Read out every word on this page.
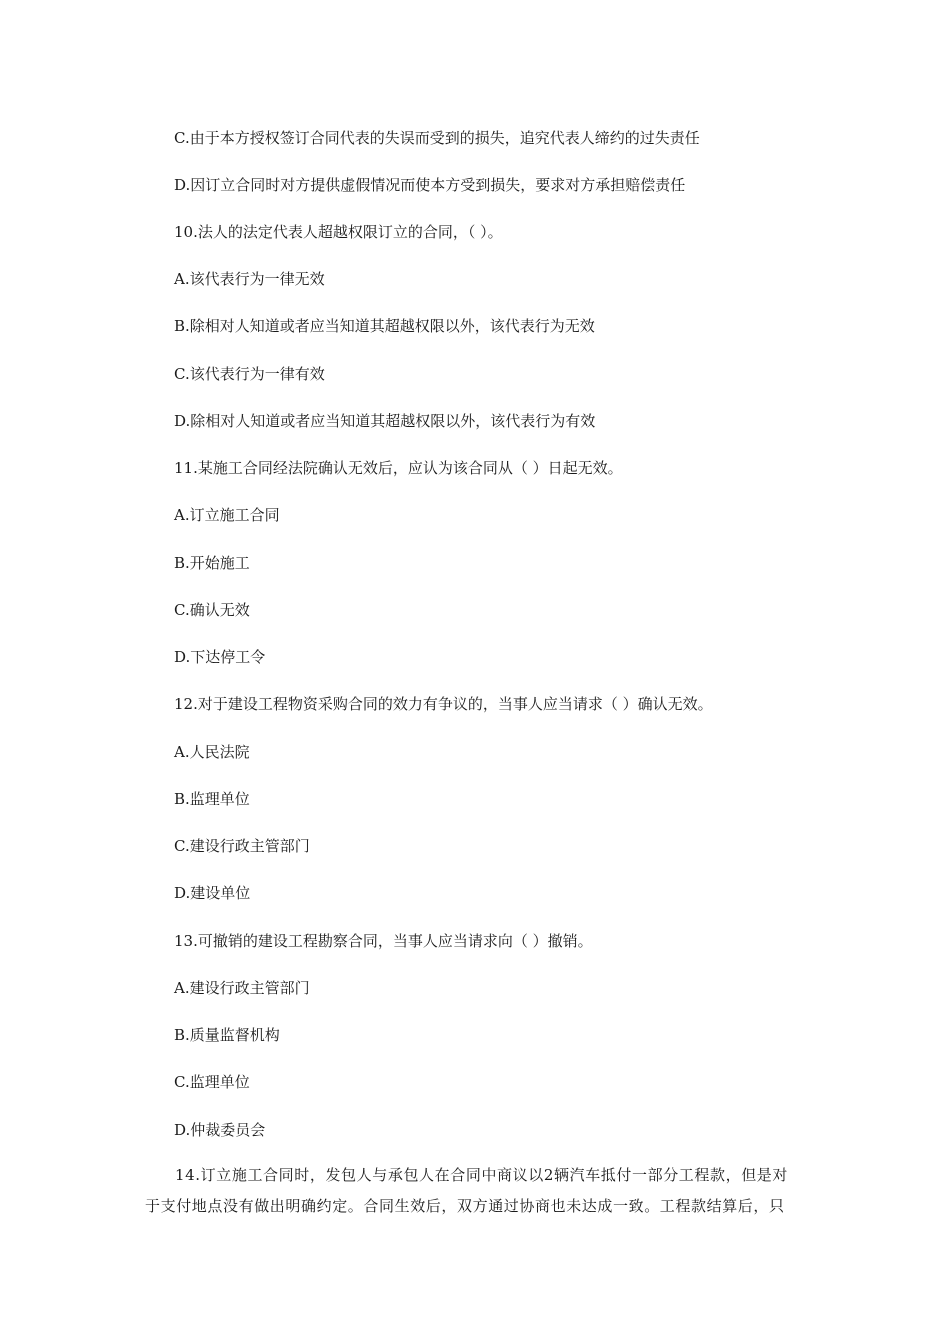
C.由于本方授权签订合同代表的失误而受到的损失，追究代表人缔约的过失责任
D.因订立合同时对方提供虚假情况而使本方受到损失，要求对方承担赔偿责任
10.法人的法定代表人超越权限订立的合同，（ ）。
A.该代表行为一律无效
B.除相对人知道或者应当知道其超越权限以外，该代表行为无效
C.该代表行为一律有效
D.除相对人知道或者应当知道其超越权限以外，该代表行为有效
11.某施工合同经法院确认无效后，应认为该合同从（ ）日起无效。
A.订立施工合同
B.开始施工
C.确认无效
D.下达停工令
12.对于建设工程物资采购合同的效力有争议的，当事人应当请求（ ）确认无效。
A.人民法院
B.监理单位
C.建设行政主管部门
D.建设单位
13.可撤销的建设工程勘察合同，当事人应当请求向（ ）撤销。
A.建设行政主管部门
B.质量监督机构
C.监理单位
D.仲裁委员会
14.订立施工合同时，发包人与承包人在合同中商议以2辆汽车抵付一部分工程款，但是对于支付地点没有做出明确约定。合同生效后，双方通过协商也未达成一致。工程款结算后，只
